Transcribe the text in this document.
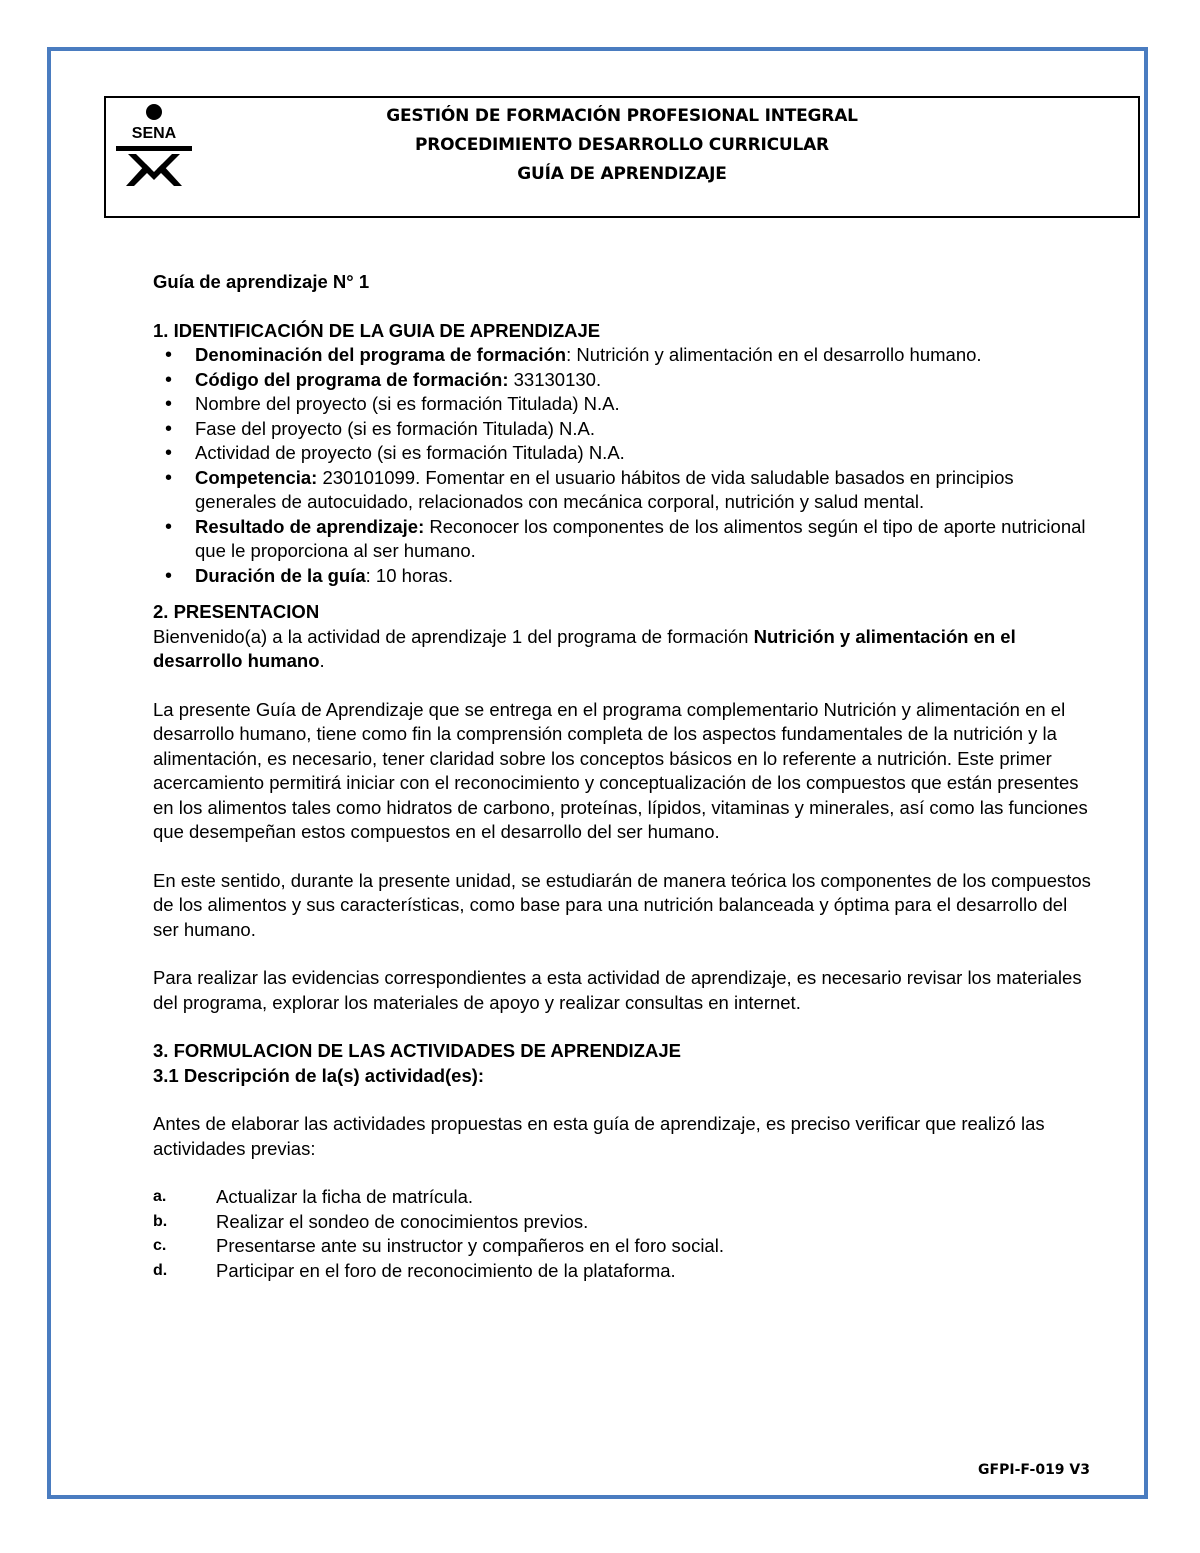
SENA
GESTIÓN DE FORMACIÓN PROFESIONAL INTEGRAL
PROCEDIMIENTO DESARROLLO CURRICULAR
GUÍA DE APRENDIZAJE

Guía de aprendizaje N° 1

1. IDENTIFICACIÓN DE LA GUIA DE APRENDIZAJE

• Denominación del programa de formación: Nutrición y alimentación en el desarrollo humano.
• Código del programa de formación: 33130130.
• Nombre del proyecto (si es formación Titulada) N.A.
• Fase del proyecto (si es formación Titulada) N.A.
• Actividad de proyecto (si es formación Titulada) N.A.
• Competencia: 230101099. Fomentar en el usuario hábitos de vida saludable basados en principios generales de autocuidado, relacionados con mecánica corporal, nutrición y salud mental.
• Resultado de aprendizaje: Reconocer los componentes de los alimentos según el tipo de aporte nutricional que le proporciona al ser humano.
• Duración de la guía: 10 horas.

2. PRESENTACION

Bienvenido(a) a la actividad de aprendizaje 1 del programa de formación Nutrición y alimentación en el desarrollo humano.

La presente Guía de Aprendizaje que se entrega en el programa complementario Nutrición y alimentación en el desarrollo humano, tiene como fin la comprensión completa de los aspectos fundamentales de la nutrición y la alimentación, es necesario, tener claridad sobre los conceptos básicos en lo referente a nutrición. Este primer acercamiento permitirá iniciar con el reconocimiento y conceptualización de los compuestos que están presentes en los alimentos tales como hidratos de carbono, proteínas, lípidos, vitaminas y minerales, así como las funciones que desempeñan estos compuestos en el desarrollo del ser humano.

En este sentido, durante la presente unidad, se estudiarán de manera teórica los componentes de los compuestos de los alimentos y sus características, como base para una nutrición balanceada y óptima para el desarrollo del ser humano.

Para realizar las evidencias correspondientes a esta actividad de aprendizaje, es necesario revisar los materiales del programa, explorar los materiales de apoyo y realizar consultas en internet.

3. FORMULACION DE LAS ACTIVIDADES DE APRENDIZAJE

3.1 Descripción de la(s) actividad(es):

Antes de elaborar las actividades propuestas en esta guía de aprendizaje, es preciso verificar que realizó las actividades previas:

a.	Actualizar la ficha de matrícula.
b.	Realizar el sondeo de conocimientos previos.
c.	Presentarse ante su instructor y compañeros en el foro social.
d.	Participar en el foro de reconocimiento de la plataforma.
GFPI-F-019 V3
